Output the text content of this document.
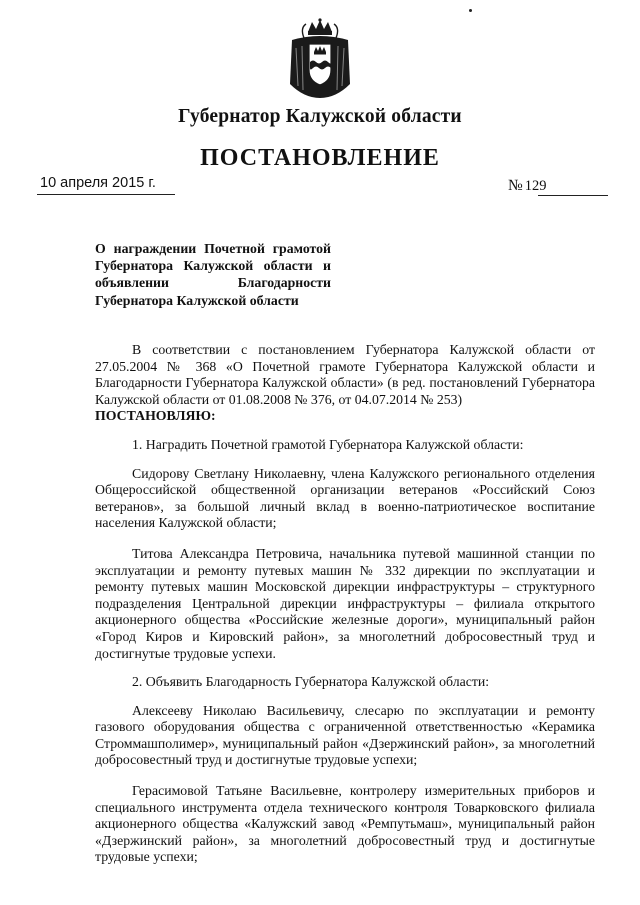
Губернатор Калужской области
ПОСТАНОВЛЕНИЕ
10 апреля 2015 г.	№ 129
О награждении Почетной грамотой Губернатора Калужской области и объявлении Благодарности Губернатора Калужской области

В соответствии с постановлением Губернатора Калужской области от 27.05.2004 № 368 «О Почетной грамоте Губернатора Калужской области и Благодарности Губернатора Калужской области» (в ред. постановлений Губернатора Калужской области от 01.08.2008 № 376, от 04.07.2014 № 253)

ПОСТАНОВЛЯЮ:

1. Наградить Почетной грамотой Губернатора Калужской области:

Сидорову Светлану Николаевну, члена Калужского регионального отделения Общероссийской общественной организации ветеранов «Российский Союз ветеранов», за большой личный вклад в военно-патриотическое воспитание населения Калужской области;

Титова Александра Петровича, начальника путевой машинной станции по эксплуатации и ремонту путевых машин № 332 дирекции по эксплуатации и ремонту путевых машин Московской дирекции инфраструктуры – структурного подразделения Центральной дирекции инфраструктуры – филиала открытого акционерного общества «Российские железные дороги», муниципальный район «Город Киров и Кировский район», за многолетний добросовестный труд и достигнутые трудовые успехи.

2. Объявить Благодарность Губернатора Калужской области:

Алексееву Николаю Васильевичу, слесарю по эксплуатации и ремонту газового оборудования общества с ограниченной ответственностью «Керамика Строммашполимер», муниципальный район «Дзержинский район», за многолетний добросовестный труд и достигнутые трудовые успехи;

Герасимовой Татьяне Васильевне, контролеру измерительных приборов и специального инструмента отдела технического контроля Товарковского филиала акционерного общества «Калужский завод «Ремпутьмаш», муниципальный район «Дзержинский район», за многолетний добросовестный труд и достигнутые трудовые успехи;
